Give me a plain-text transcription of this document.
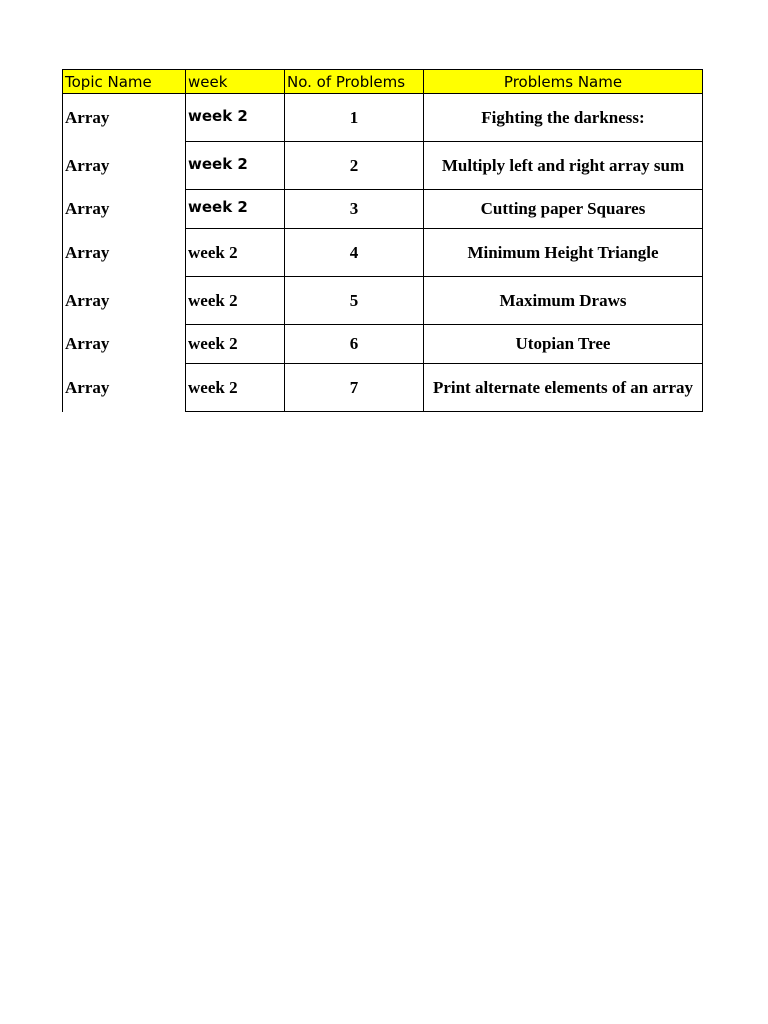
Topic Name	week	No. of Problems	Problems Name
Array	week 2	1	Fighting the darkness:
Array	week 2	2	Multiply left and right array sum
Array	week 2	3	Cutting paper Squares
Array	week 2	4	Minimum Height Triangle
Array	week 2	5	Maximum Draws
Array	week 2	6	Utopian Tree
Array	week 2	7	Print alternate elements of an array
